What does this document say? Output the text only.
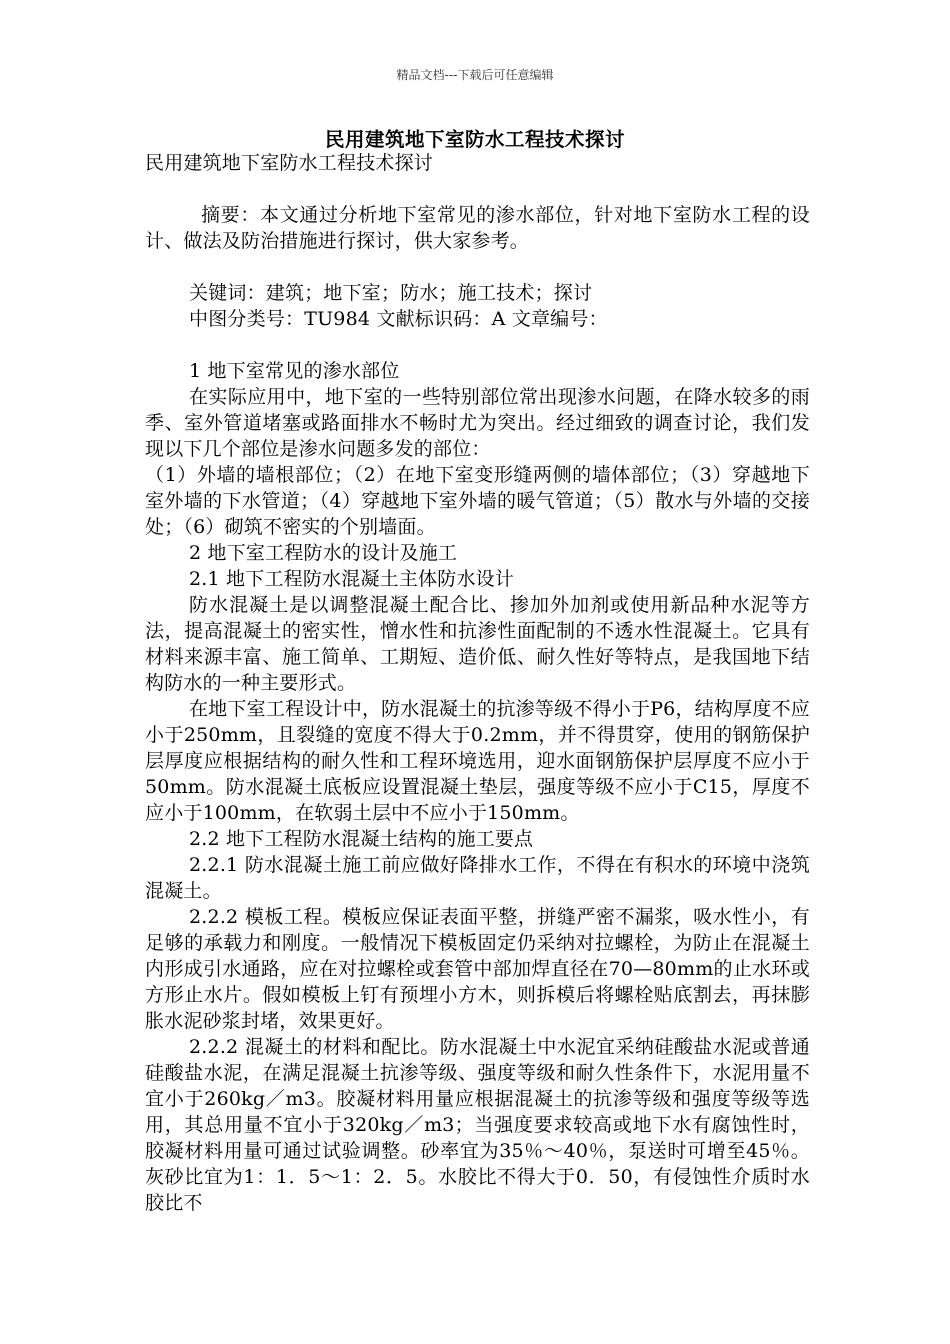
精品文档---下载后可任意编辑
民用建筑地下室防水工程技术探讨

民用建筑地下室防水工程技术探讨

摘要：本文通过分析地下室常见的渗水部位，针对地下室防水工程的设计、做法及防治措施进行探讨，供大家参考。

关键词：建筑；地下室；防水；施工技术；探讨

中图分类号：TU984 文献标识码：A 文章编号：

1 地下室常见的渗水部位

在实际应用中，地下室的一些特别部位常出现渗水问题，在降水较多的雨季、室外管道堵塞或路面排水不畅时尤为突出。经过细致的调查讨论，我们发现以下几个部位是渗水问题多发的部位：

（1）外墙的墙根部位；（2）在地下室变形缝两侧的墙体部位；（3）穿越地下室外墙的下水管道；（4）穿越地下室外墙的暖气管道；（5）散水与外墙的交接处；（6）砌筑不密实的个别墙面。

2 地下室工程防水的设计及施工

2.1 地下工程防水混凝土主体防水设计

防水混凝土是以调整混凝土配合比、掺加外加剂或使用新品种水泥等方法，提高混凝土的密实性，憎水性和抗渗性面配制的不透水性混凝土。它具有材料来源丰富、施工简单、工期短、造价低、耐久性好等特点，是我国地下结构防水的一种主要形式。

在地下室工程设计中，防水混凝土的抗渗等级不得小于P6，结构厚度不应小于250mm，且裂缝的宽度不得大于0.2mm，并不得贯穿，使用的钢筋保护层厚度应根据结构的耐久性和工程环境选用，迎水面钢筋保护层厚度不应小于50mm。防水混凝土底板应设置混凝土垫层，强度等级不应小于C15，厚度不应小于100mm，在软弱土层中不应小于150mm。

2.2 地下工程防水混凝土结构的施工要点

2.2.1 防水混凝土施工前应做好降排水工作，不得在有积水的环境中浇筑混凝土。

2.2.2 模板工程。模板应保证表面平整，拼缝严密不漏浆，吸水性小，有足够的承载力和刚度。一般情况下模板固定仍采纳对拉螺栓，为防止在混凝土内形成引水通路，应在对拉螺栓或套管中部加焊直径在70—80mm的止水环或方形止水片。假如模板上钉有预埋小方木，则拆模后将螺栓贴底割去，再抹膨胀水泥砂浆封堵，效果更好。

2.2.2 混凝土的材料和配比。防水混凝土中水泥宜采纳硅酸盐水泥或普通硅酸盐水泥，在满足混凝土抗渗等级、强度等级和耐久性条件下，水泥用量不宜小于260kg／m3。胶凝材料用量应根据混凝土的抗渗等级和强度等级等选用，其总用量不宜小于320kg／m3；当强度要求较高或地下水有腐蚀性时，胶凝材料用量可通过试验调整。砂率宜为35％～40％，泵送时可增至45％。灰砂比宜为1：1．5～1：2．5。水胶比不得大于0．50，有侵蚀性介质时水胶比不
